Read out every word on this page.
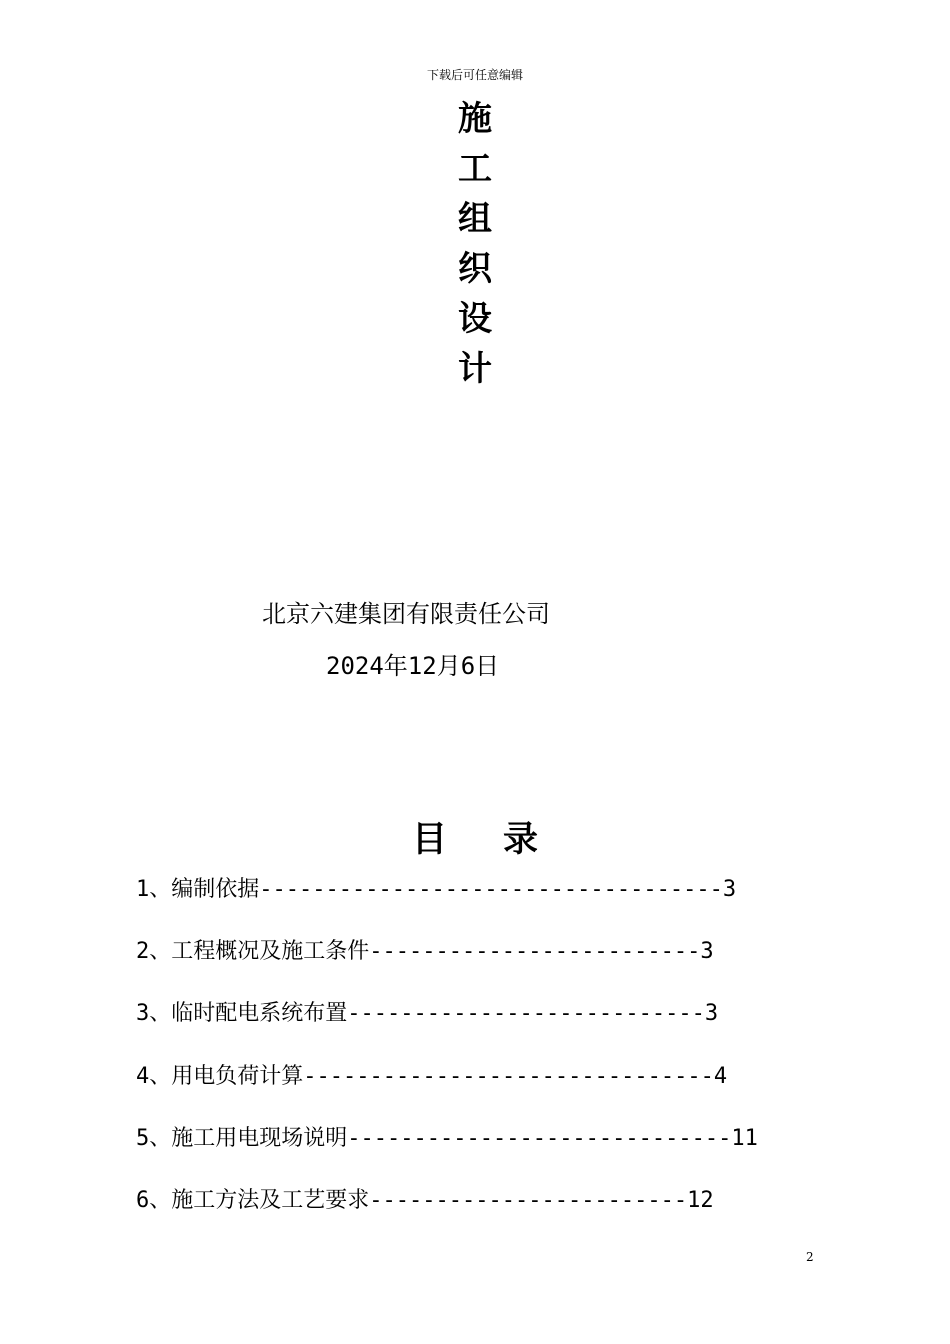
下载后可任意编辑
施
工
组
织
设
计
北京六建集团有限责任公司
2024年12月6日
目 录
1、编制依据-----------------------------------3
2、工程概况及施工条件-------------------------3
3、临时配电系统布置---------------------------3
4、用电负荷计算-------------------------------4
5、施工用电现场说明-----------------------------11
6、施工方法及工艺要求------------------------12
2
